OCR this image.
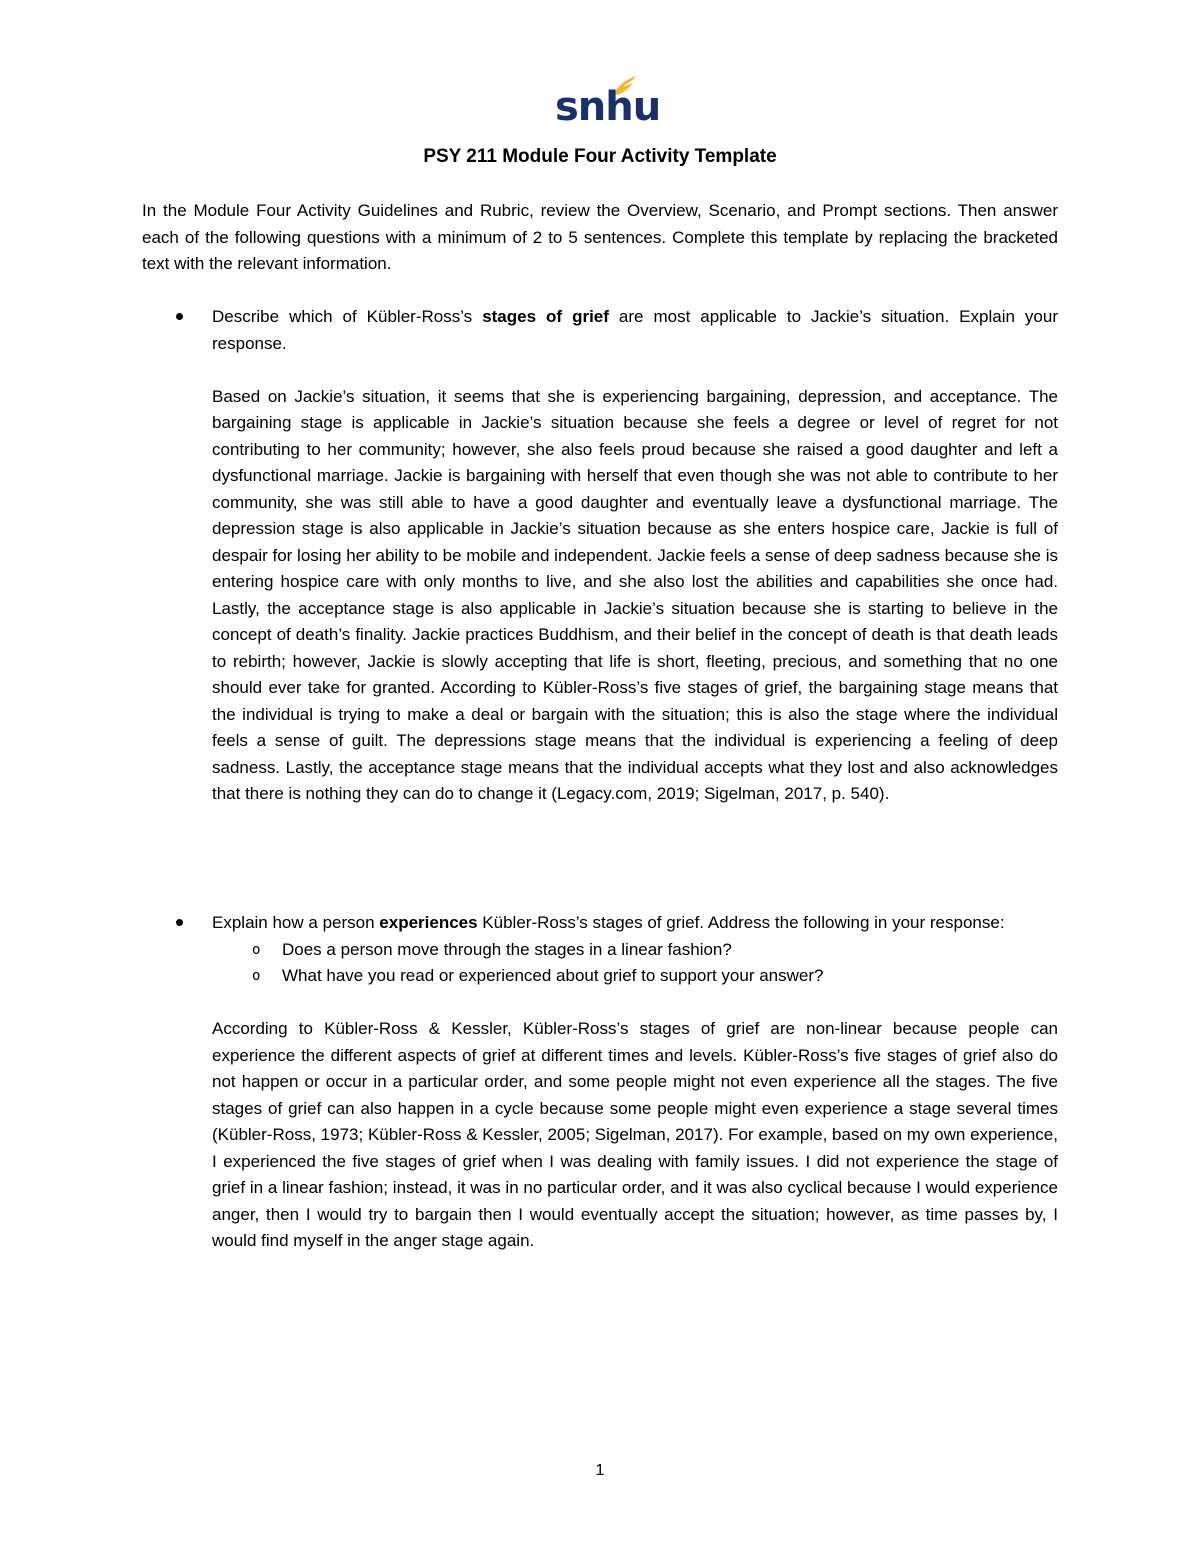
snhu
PSY 211 Module Four Activity Template
In the Module Four Activity Guidelines and Rubric, review the Overview, Scenario, and Prompt sections. Then answer each of the following questions with a minimum of 2 to 5 sentences. Complete this template by replacing the bracketed text with the relevant information.
Describe which of Kübler-Ross’s stages of grief are most applicable to Jackie’s situation. Explain your response.
Based on Jackie’s situation, it seems that she is experiencing bargaining, depression, and acceptance. The bargaining stage is applicable in Jackie’s situation because she feels a degree or level of regret for not contributing to her community; however, she also feels proud because she raised a good daughter and left a dysfunctional marriage. Jackie is bargaining with herself that even though she was not able to contribute to her community, she was still able to have a good daughter and eventually leave a dysfunctional marriage. The depression stage is also applicable in Jackie’s situation because as she enters hospice care, Jackie is full of despair for losing her ability to be mobile and independent. Jackie feels a sense of deep sadness because she is entering hospice care with only months to live, and she also lost the abilities and capabilities she once had. Lastly, the acceptance stage is also applicable in Jackie’s situation because she is starting to believe in the concept of death’s finality. Jackie practices Buddhism, and their belief in the concept of death is that death leads to rebirth; however, Jackie is slowly accepting that life is short, fleeting, precious, and something that no one should ever take for granted. According to Kübler-Ross’s five stages of grief, the bargaining stage means that the individual is trying to make a deal or bargain with the situation; this is also the stage where the individual feels a sense of guilt. The depressions stage means that the individual is experiencing a feeling of deep sadness. Lastly, the acceptance stage means that the individual accepts what they lost and also acknowledges that there is nothing they can do to change it (Legacy.com, 2019; Sigelman, 2017, p. 540).
Explain how a person experiences Kübler-Ross’s stages of grief. Address the following in your response:
o Does a person move through the stages in a linear fashion?
o What have you read or experienced about grief to support your answer?
According to Kübler-Ross & Kessler, Kübler-Ross’s stages of grief are non-linear because people can experience the different aspects of grief at different times and levels. Kübler-Ross’s five stages of grief also do not happen or occur in a particular order, and some people might not even experience all the stages. The five stages of grief can also happen in a cycle because some people might even experience a stage several times (Kübler-Ross, 1973; Kübler-Ross & Kessler, 2005; Sigelman, 2017). For example, based on my own experience, I experienced the five stages of grief when I was dealing with family issues. I did not experience the stage of grief in a linear fashion; instead, it was in no particular order, and it was also cyclical because I would experience anger, then I would try to bargain then I would eventually accept the situation; however, as time passes by, I would find myself in the anger stage again.
1
